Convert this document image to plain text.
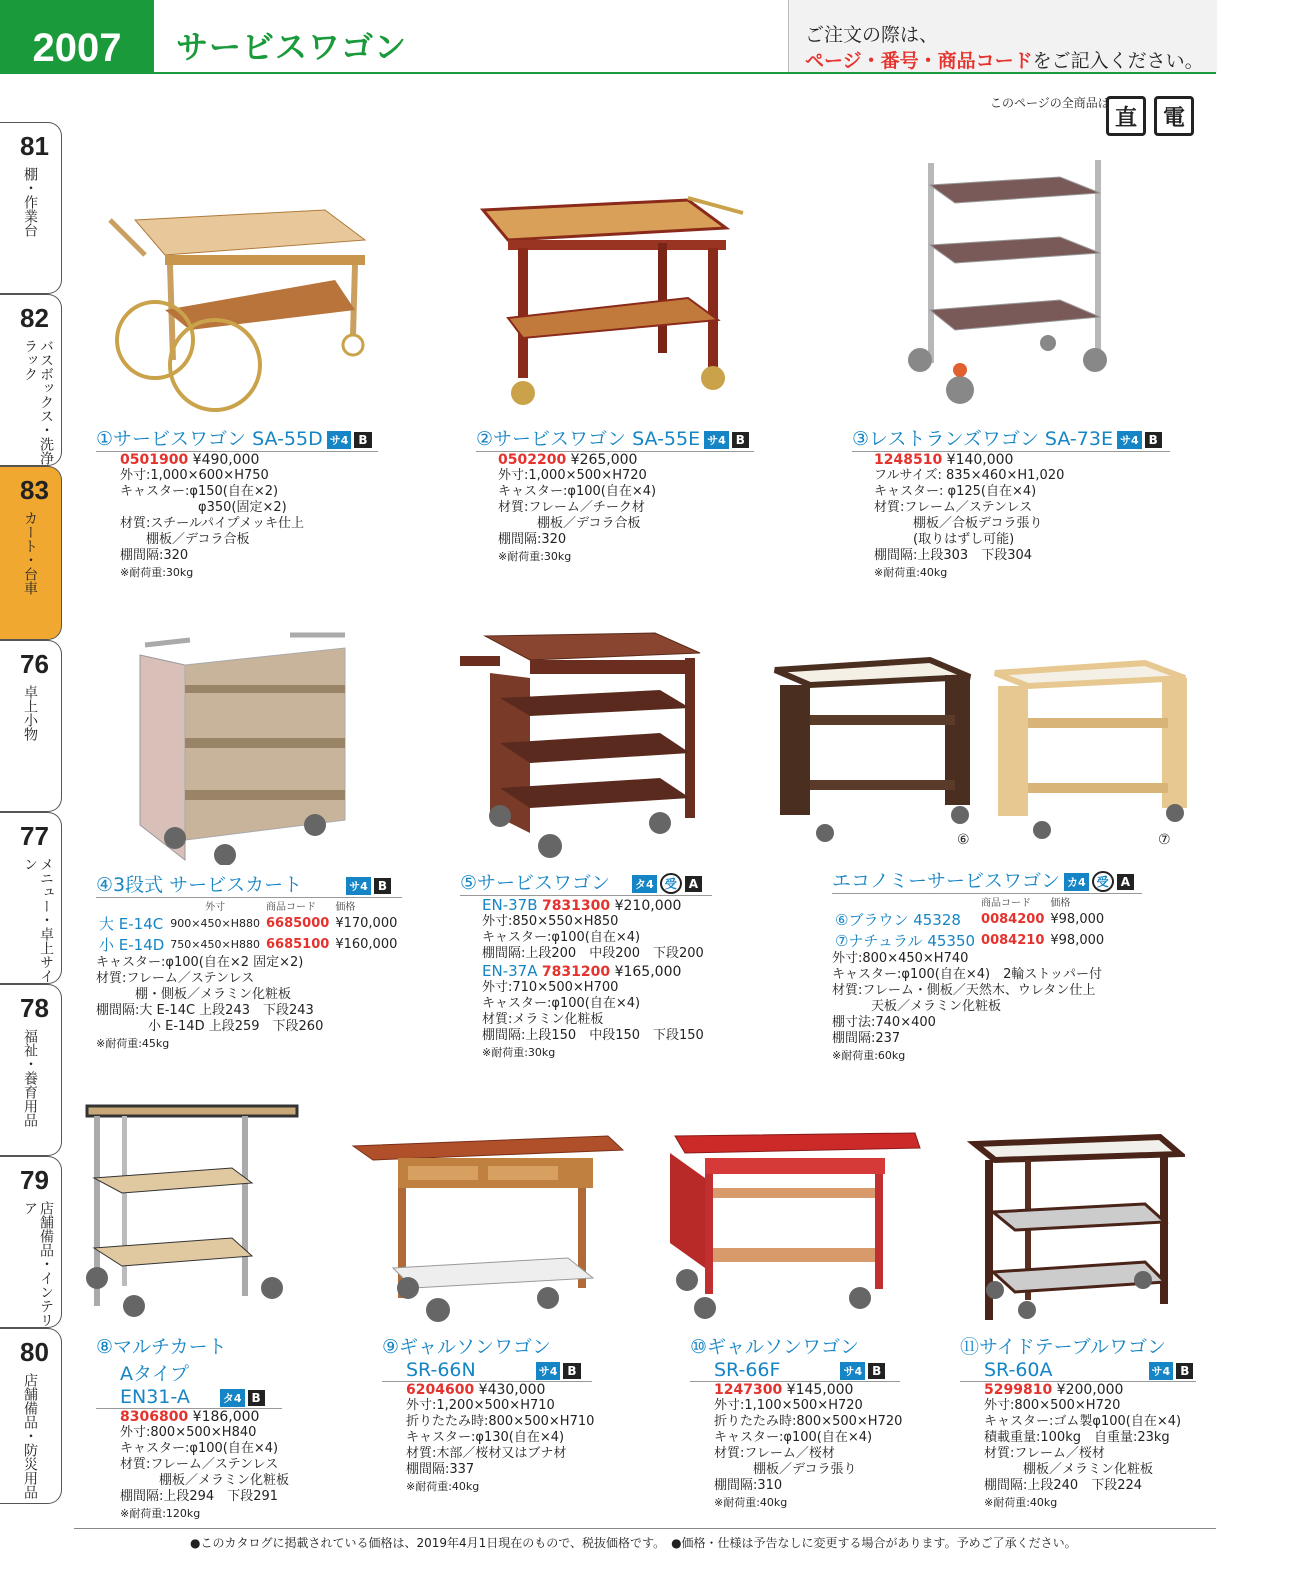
2007	サービスワゴン	ご注文の際は、
ページ・番号・商品コードをご記入ください。
このページの全商品は
直	電
81
棚・作業台
82
バスボックス・洗浄ラック
83
カート・台車
76
卓上小物
77
メニュー・卓上サイン
78
福祉・養育用品
79
店舗備品・インテリア
80
店舗備品・防災用品
⑥	⑦
①サービスワゴン SA-55D サ4 B
0501900 ¥490,000
外寸:1,000×600×H750
キャスター:φ150(自在×2)
　　　　　　φ350(固定×2)
材質:スチールパイプメッキ仕上
　　棚板／デコラ合板
棚間隔:320
※耐荷重:30kg
②サービスワゴン SA-55E サ4 B
0502200 ¥265,000
外寸:1,000×500×H720
キャスター:φ100(自在×4)
材質:フレーム／チーク材
　　　棚板／デコラ合板
棚間隔:320
※耐荷重:30kg
③レストランズワゴン SA-73E サ4 B
1248510 ¥140,000
フルサイズ: 835×460×H1,020
キャスター: φ125(自在×4)
材質:フレーム／ステンレス
　　　棚板／合板デコラ張り
　　　(取りはずし可能)
棚間隔:上段303　下段304
※耐荷重:40kg
④3段式 サービスカート	サ4 B
	外寸	商品コード	価格
大 E-14C	900×450×H880	6685000	¥170,000
小 E-14D	750×450×H880	6685100	¥160,000
キャスター:φ100(自在×2 固定×2)
材質:フレーム／ステンレス
　　　棚・側板／メラミン化粧板
棚間隔:大 E-14C 上段243　下段243
　　　　小 E-14D 上段259　下段260
※耐荷重:45kg
⑤サービスワゴン タ4 受 A
EN-37B 7831300 ¥210,000
外寸:850×550×H850
キャスター:φ100(自在×4)
棚間隔:上段200　中段200　下段200
EN-37A 7831200 ¥165,000
外寸:710×500×H700
キャスター:φ100(自在×4)
材質:メラミン化粧板
棚間隔:上段150　中段150　下段150
※耐荷重:30kg
エコノミーサービスワゴン カ4 受 A
	商品コード	価格
⑥ブラウン 45328	0084200	¥98,000
⑦ナチュラル 45350	0084210	¥98,000
外寸:800×450×H740
キャスター:φ100(自在×4)　2輪ストッパー付
材質:フレーム・側板／天然木、ウレタン仕上
　　　天板／メラミン化粧板
棚寸法:740×400
棚間隔:237
※耐荷重:60kg
⑧マルチカート
Aタイプ
EN31-A	タ4 B
8306800 ¥186,000
外寸:800×500×H840
キャスター:φ100(自在×4)
材質:フレーム／ステンレス
　　　棚板／メラミン化粧板
棚間隔:上段294　下段291
※耐荷重:120kg
⑨ギャルソンワゴン
SR-66N	サ4 B
6204600 ¥430,000
外寸:1,200×500×H710
折りたたみ時:800×500×H710
キャスター:φ130(自在×4)
材質:木部／桜材又はブナ材
棚間隔:337
※耐荷重:40kg
⑩ギャルソンワゴン
SR-66F	サ4 B
1247300 ¥145,000
外寸:1,100×500×H720
折りたたみ時:800×500×H720
キャスター:φ100(自在×4)
材質:フレーム／桜材
　　　棚板／デコラ張り
棚間隔:310
※耐荷重:40kg
⑪サイドテーブルワゴン
SR-60A	サ4 B
5299810 ¥200,000
外寸:800×500×H720
キャスター:ゴム製φ100(自在×4)
積載重量:100kg　自重量:23kg
材質:フレーム／桜材
　　　棚板／メラミン化粧板
棚間隔:上段240　下段224
※耐荷重:40kg
●このカタログに掲載されている価格は、2019年4月1日現在のもので、税抜価格です。　●価格・仕様は予告なしに変更する場合があります。予めご了承ください。
